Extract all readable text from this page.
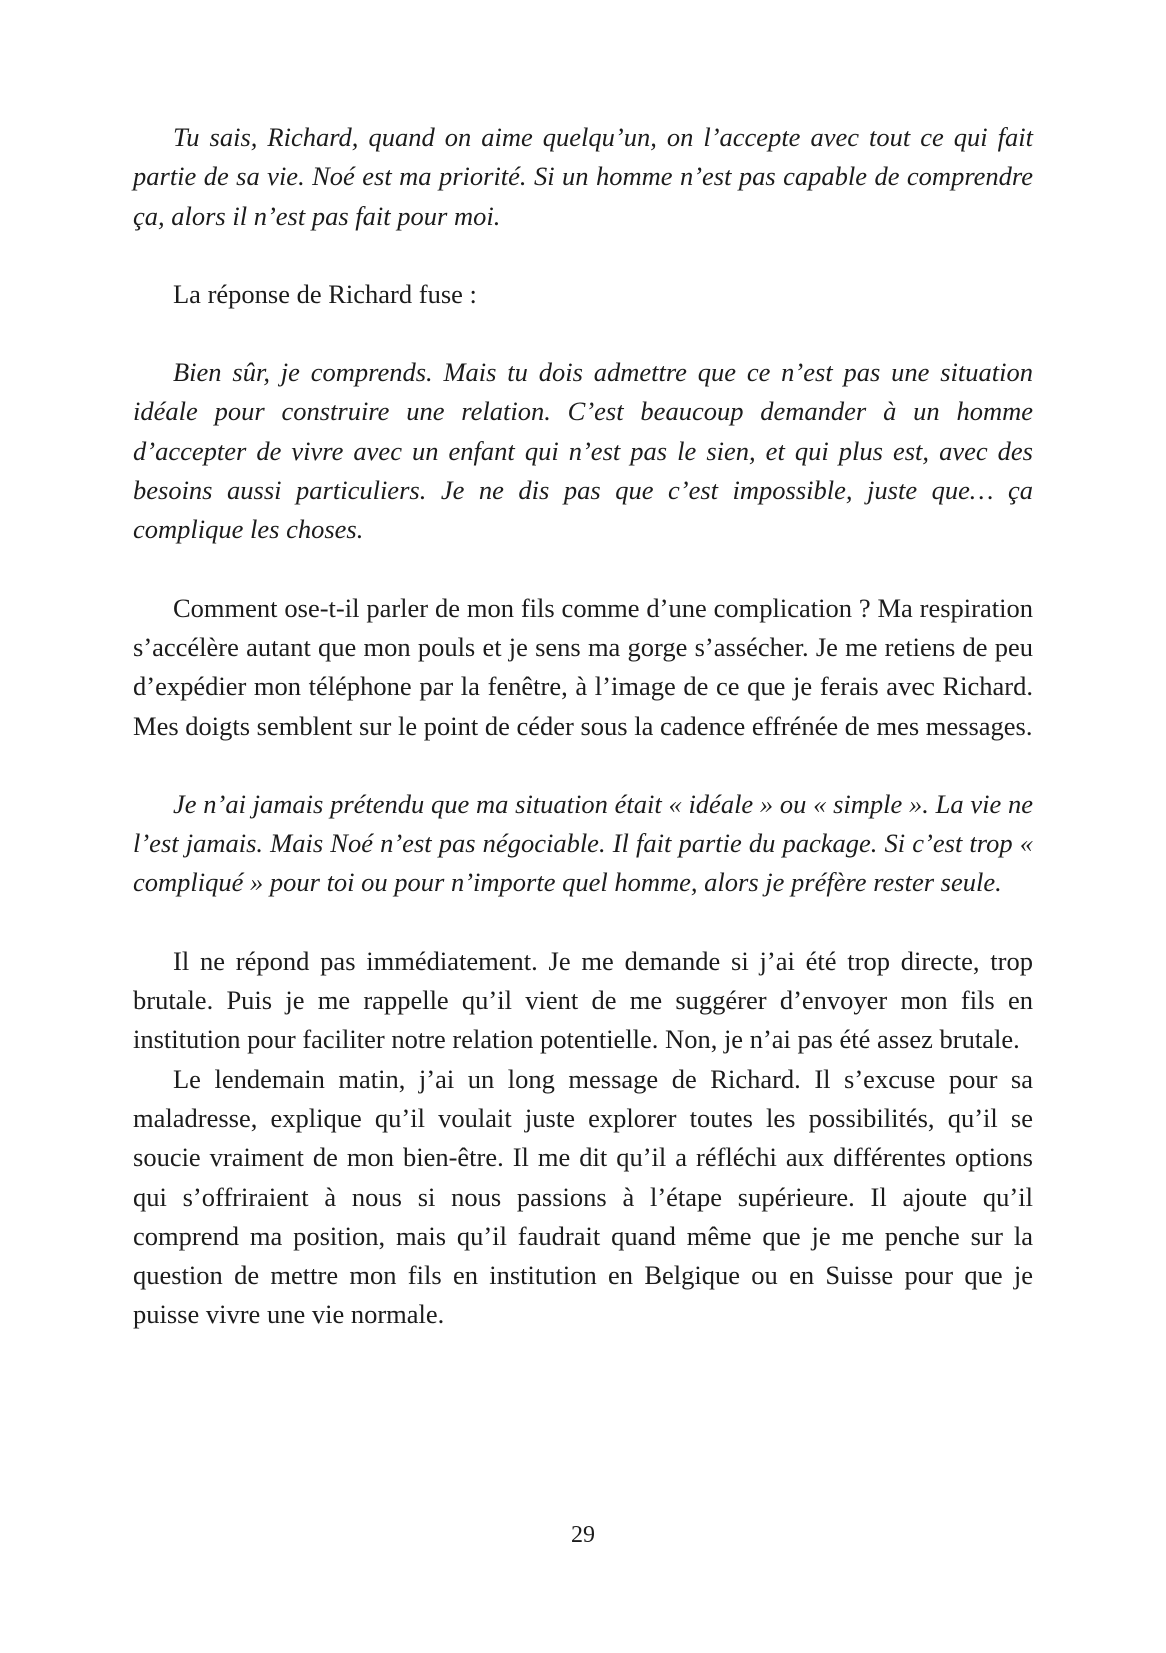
Tu sais, Richard, quand on aime quelqu’un, on l’accepte avec tout ce qui fait partie de sa vie. Noé est ma priorité. Si un homme n’est pas capable de comprendre ça, alors il n’est pas fait pour moi.

La réponse de Richard fuse :

Bien sûr, je comprends. Mais tu dois admettre que ce n’est pas une situation idéale pour construire une relation. C’est beaucoup demander à un homme d’accepter de vivre avec un enfant qui n’est pas le sien, et qui plus est, avec des besoins aussi particuliers. Je ne dis pas que c’est impossible, juste que… ça complique les choses.

Comment ose-t-il parler de mon fils comme d’une complication ? Ma respiration s’accélère autant que mon pouls et je sens ma gorge s’assécher. Je me retiens de peu d’expédier mon téléphone par la fenêtre, à l’image de ce que je ferais avec Richard. Mes doigts semblent sur le point de céder sous la cadence effrénée de mes messages.

Je n’ai jamais prétendu que ma situation était « idéale » ou « simple ». La vie ne l’est jamais. Mais Noé n’est pas négociable. Il fait partie du package. Si c’est trop « compliqué » pour toi ou pour n’importe quel homme, alors je préfère rester seule.

Il ne répond pas immédiatement. Je me demande si j’ai été trop directe, trop brutale. Puis je me rappelle qu’il vient de me suggérer d’envoyer mon fils en institution pour faciliter notre relation potentielle. Non, je n’ai pas été assez brutale.

Le lendemain matin, j’ai un long message de Richard. Il s’excuse pour sa maladresse, explique qu’il voulait juste explorer toutes les possibilités, qu’il se soucie vraiment de mon bien-être. Il me dit qu’il a réfléchi aux différentes options qui s’offriraient à nous si nous passions à l’étape supérieure. Il ajoute qu’il comprend ma position, mais qu’il faudrait quand même que je me penche sur la question de mettre mon fils en institution en Belgique ou en Suisse pour que je puisse vivre une vie normale.

29
